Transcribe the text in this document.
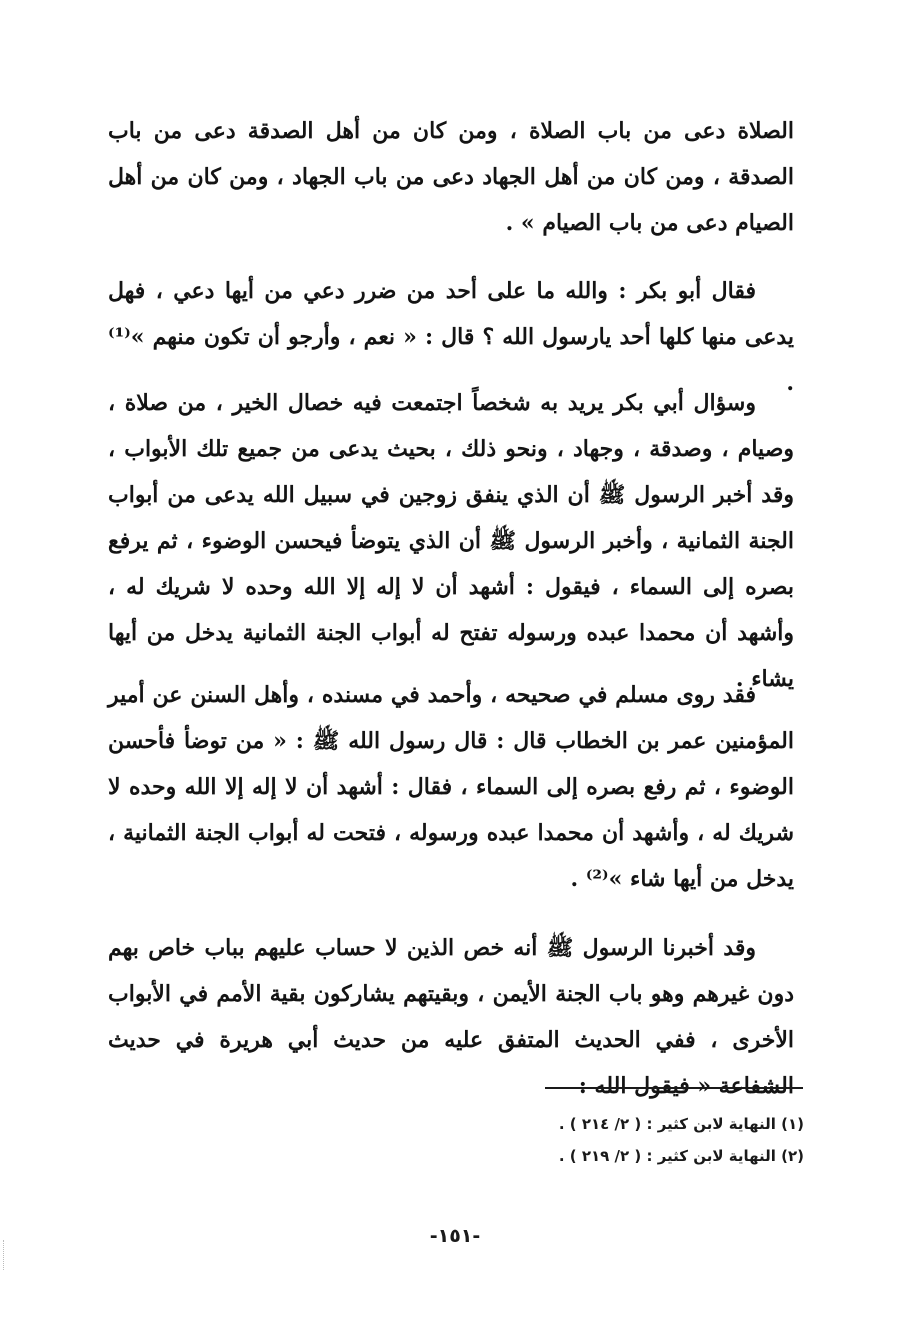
الصلاة دعى من باب الصلاة ، ومن كان من أهل الصدقة دعى من باب الصدقة ، ومن كان من أهل الجهاد دعى من باب الجهاد ، ومن كان من أهل الصيام دعى من باب الصيام » .
فقال أبو بكر : والله ما على أحد من ضرر دعي من أيها دعي ، فهل يدعى منها كلها أحد يارسول الله ؟ قال : « نعم ، وأرجو أن تكون منهم »⁽¹⁾ .
وسؤال أبي بكر يريد به شخصاً اجتمعت فيه خصال الخير ، من صلاة ، وصيام ، وصدقة ، وجهاد ، ونحو ذلك ، بحيث يدعى من جميع تلك الأبواب ، وقد أخبر الرسول ﷺ أن الذي ينفق زوجين في سبيل الله يدعى من أبواب الجنة الثمانية ، وأخبر الرسول ﷺ أن الذي يتوضأ فيحسن الوضوء ، ثم يرفع بصره إلى السماء ، فيقول : أشهد أن لا إله إلا الله وحده لا شريك له ، وأشهد أن محمدا عبده ورسوله تفتح له أبواب الجنة الثمانية يدخل من أيها يشاء .
فقد روى مسلم في صحيحه ، وأحمد في مسنده ، وأهل السنن عن أمير المؤمنين عمر بن الخطاب قال : قال رسول الله ﷺ : « من توضأ فأحسن الوضوء ، ثم رفع بصره إلى السماء ، فقال : أشهد أن لا إله إلا الله وحده لا شريك له ، وأشهد أن محمدا عبده ورسوله ، فتحت له أبواب الجنة الثمانية ، يدخل من أيها شاء »⁽²⁾ .
وقد أخبرنا الرسول ﷺ أنه خص الذين لا حساب عليهم بباب خاص بهم دون غيرهم وهو باب الجنة الأيمن ، وبقيتهم يشاركون بقية الأمم في الأبواب الأخرى ، ففي الحديث المتفق عليه من حديث أبي هريرة في حديث الشفاعة « فيقول الله :
(١) النهاية لابن كثير : ( ٢/ ٢١٤ ) .
(٢) النهاية لابن كثير : ( ٢/ ٢١٩ ) .
-١٥١-
